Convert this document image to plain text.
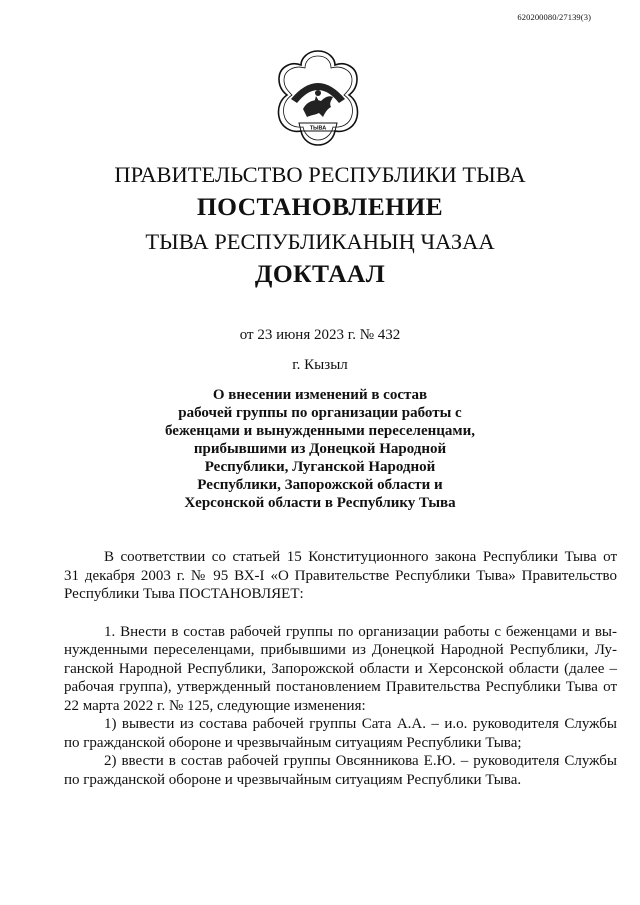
620200080/27139(3)
ТЫВА
ПРАВИТЕЛЬСТВО РЕСПУБЛИКИ ТЫВА
ПОСТАНОВЛЕНИЕ
ТЫВА РЕСПУБЛИКАНЫҢ ЧАЗАА
ДОКТААЛ
от 23 июня 2023 г. № 432
г. Кызыл
О внесении изменений в состав
рабочей группы по организации работы с
беженцами и вынужденными переселенцами,
прибывшими из Донецкой Народной
Республики, Луганской Народной
Республики, Запорожской области и
Херсонской области в Республику Тыва

В соответствии со статьей 15 Конституционного закона Республики Тыва от

31 декабря 2003 г. № 95 ВХ-I «О Правительстве Республики Тыва» Правительство

Республики Тыва ПОСТАНОВЛЯЕТ:

1. Внести в состав рабочей группы по организации работы с беженцами и вы-

нужденными переселенцами, прибывшими из Донецкой Народной Республики, Лу-

ганской Народной Республики, Запорожской области и Херсонской области (далее –

рабочая группа), утвержденный постановлением Правительства Республики Тыва от

22 марта 2022 г. № 125, следующие изменения:

1) вывести из состава рабочей группы Сата А.А. – и.о. руководителя Службы

по гражданской обороне и чрезвычайным ситуациям Республики Тыва;

2) ввести в состав рабочей группы Овсянникова Е.Ю. – руководителя Службы

по гражданской обороне и чрезвычайным ситуациям Республики Тыва.
